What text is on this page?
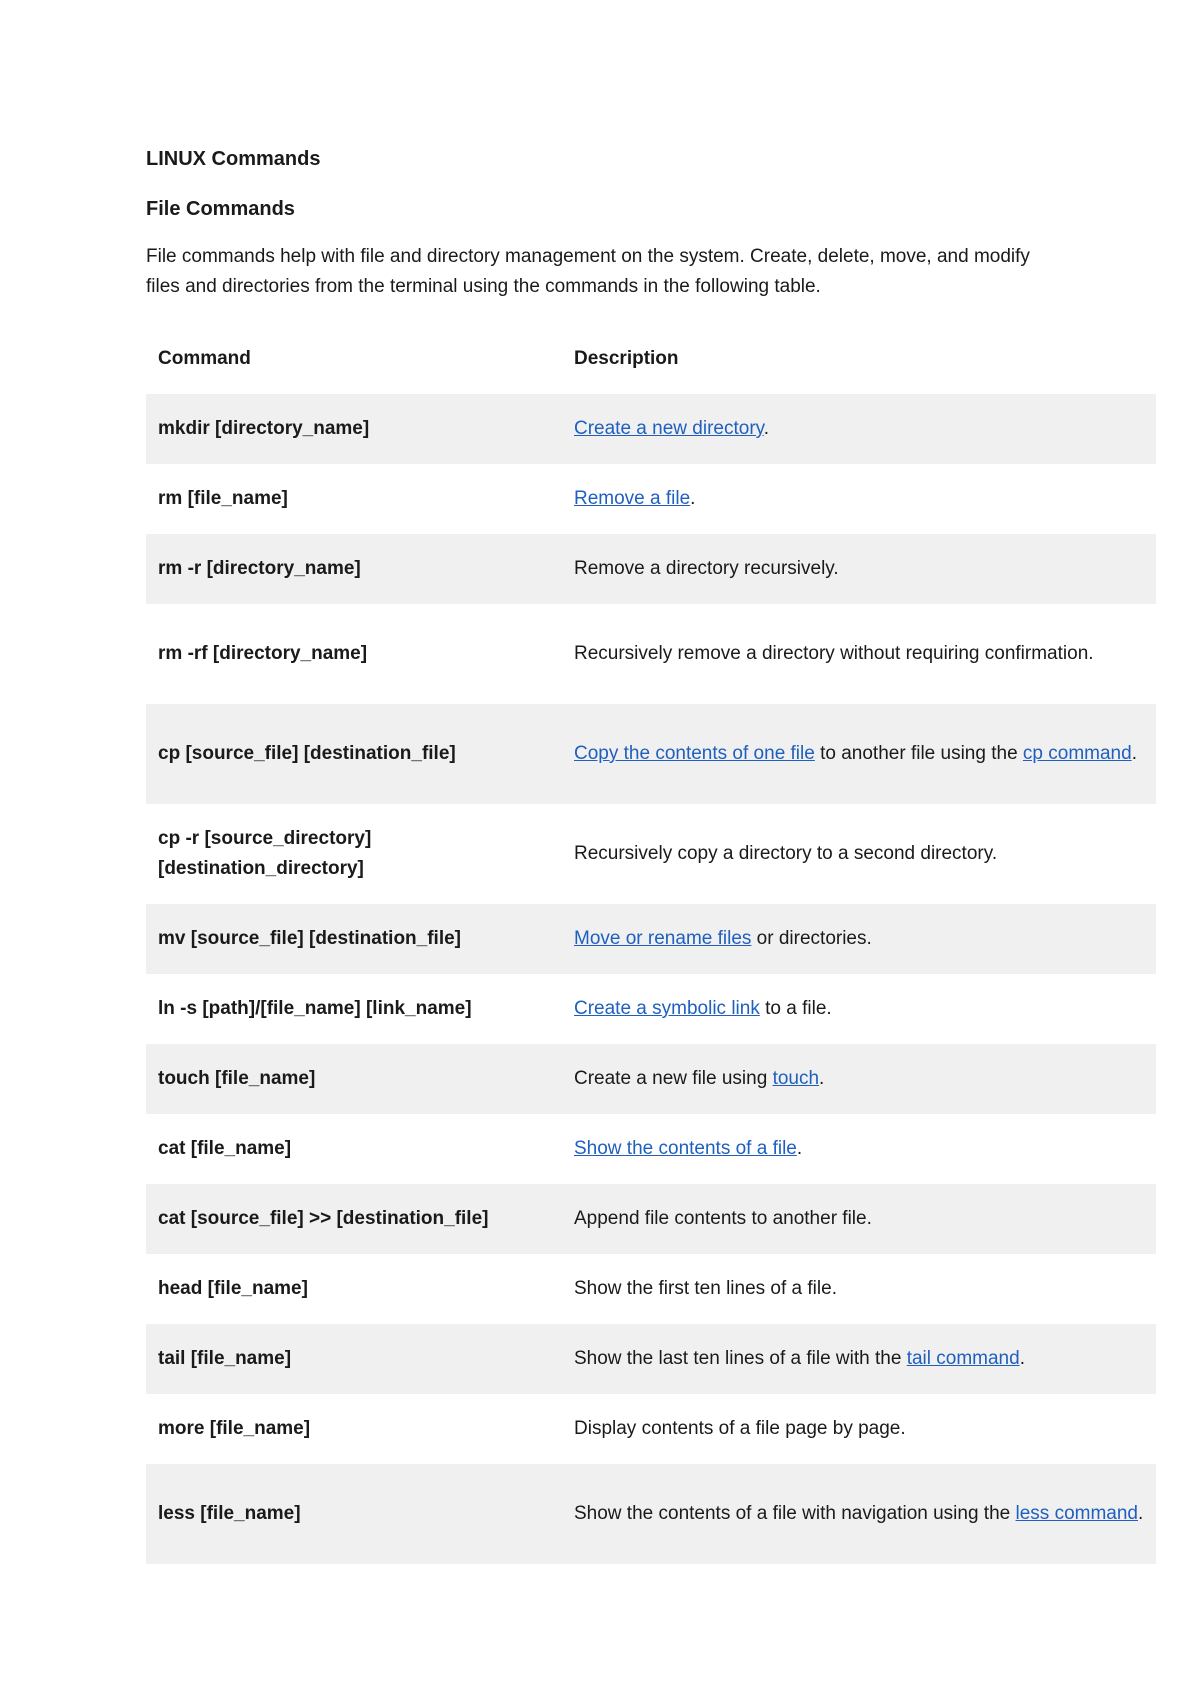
LINUX Commands
File Commands

File commands help with file and directory management on the system. Create, delete, move, and modify files and directories from the terminal using the commands in the following table.

Command	Description
mkdir [directory_name]	Create a new directory.
rm [file_name]	Remove a file.
rm -r [directory_name]	Remove a directory recursively.
rm -rf [directory_name]	Recursively remove a directory without requiring confirmation.
cp [source_file] [destination_file]	Copy the contents of one file to another file using the cp command.
cp -r [source_directory] [destination_directory]	Recursively copy a directory to a second directory.
mv [source_file] [destination_file]	Move or rename files or directories.
ln -s [path]/[file_name] [link_name]	Create a symbolic link to a file.
touch [file_name]	Create a new file using touch.
cat [file_name]	Show the contents of a file.
cat [source_file] >> [destination_file]	Append file contents to another file.
head [file_name]	Show the first ten lines of a file.
tail [file_name]	Show the last ten lines of a file with the tail command.
more [file_name]	Display contents of a file page by page.
less [file_name]	Show the contents of a file with navigation using the less command.
